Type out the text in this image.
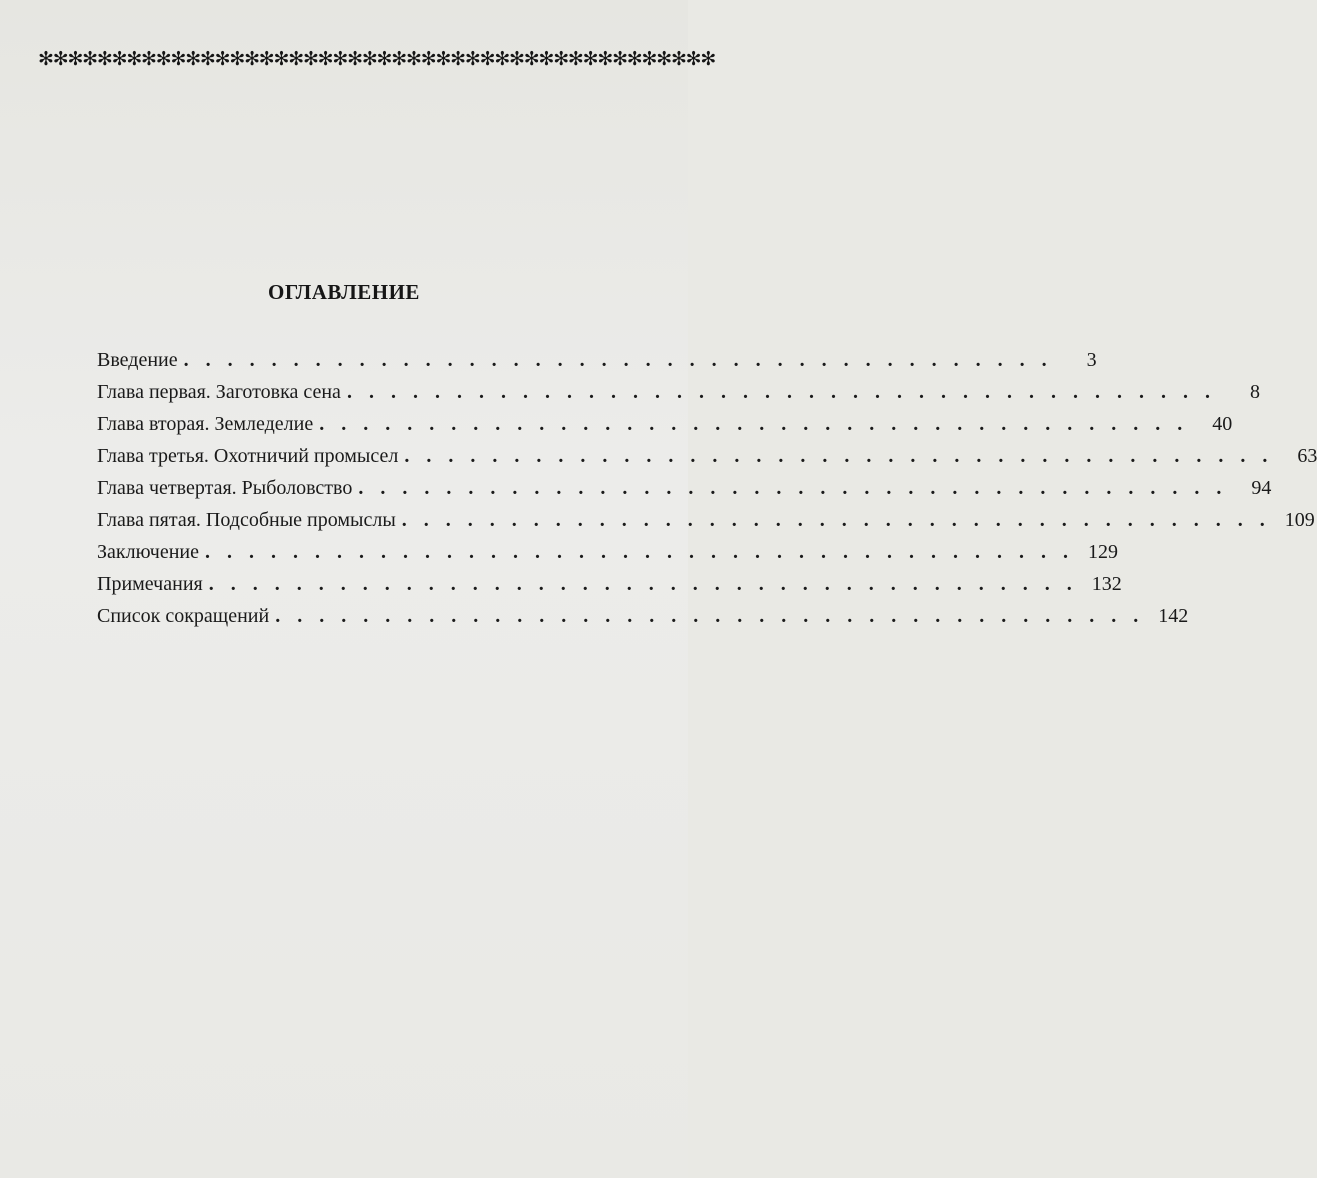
✻✻✻✻✻✻✻✻✻✻✻✻✻✻✻✻✻✻✻✻✻✻✻✻✻✻✻✻✻✻✻✻✻✻✻✻✻✻✻✻✻✻✻✻✻✻
ОГЛАВЛЕНИЕ
Введение . . .	3
Глава первая. Заготовка сена . . .	8
Глава вторая. Земледелие . . .	40
Глава третья. Охотничий промысел . . .	63
Глава четвертая. Рыболовство . . .	94
Глава пятая. Подсобные промыслы . . .	109
Заключение . . .	129
Примечания . . .	132
Список сокращений . . .	142
